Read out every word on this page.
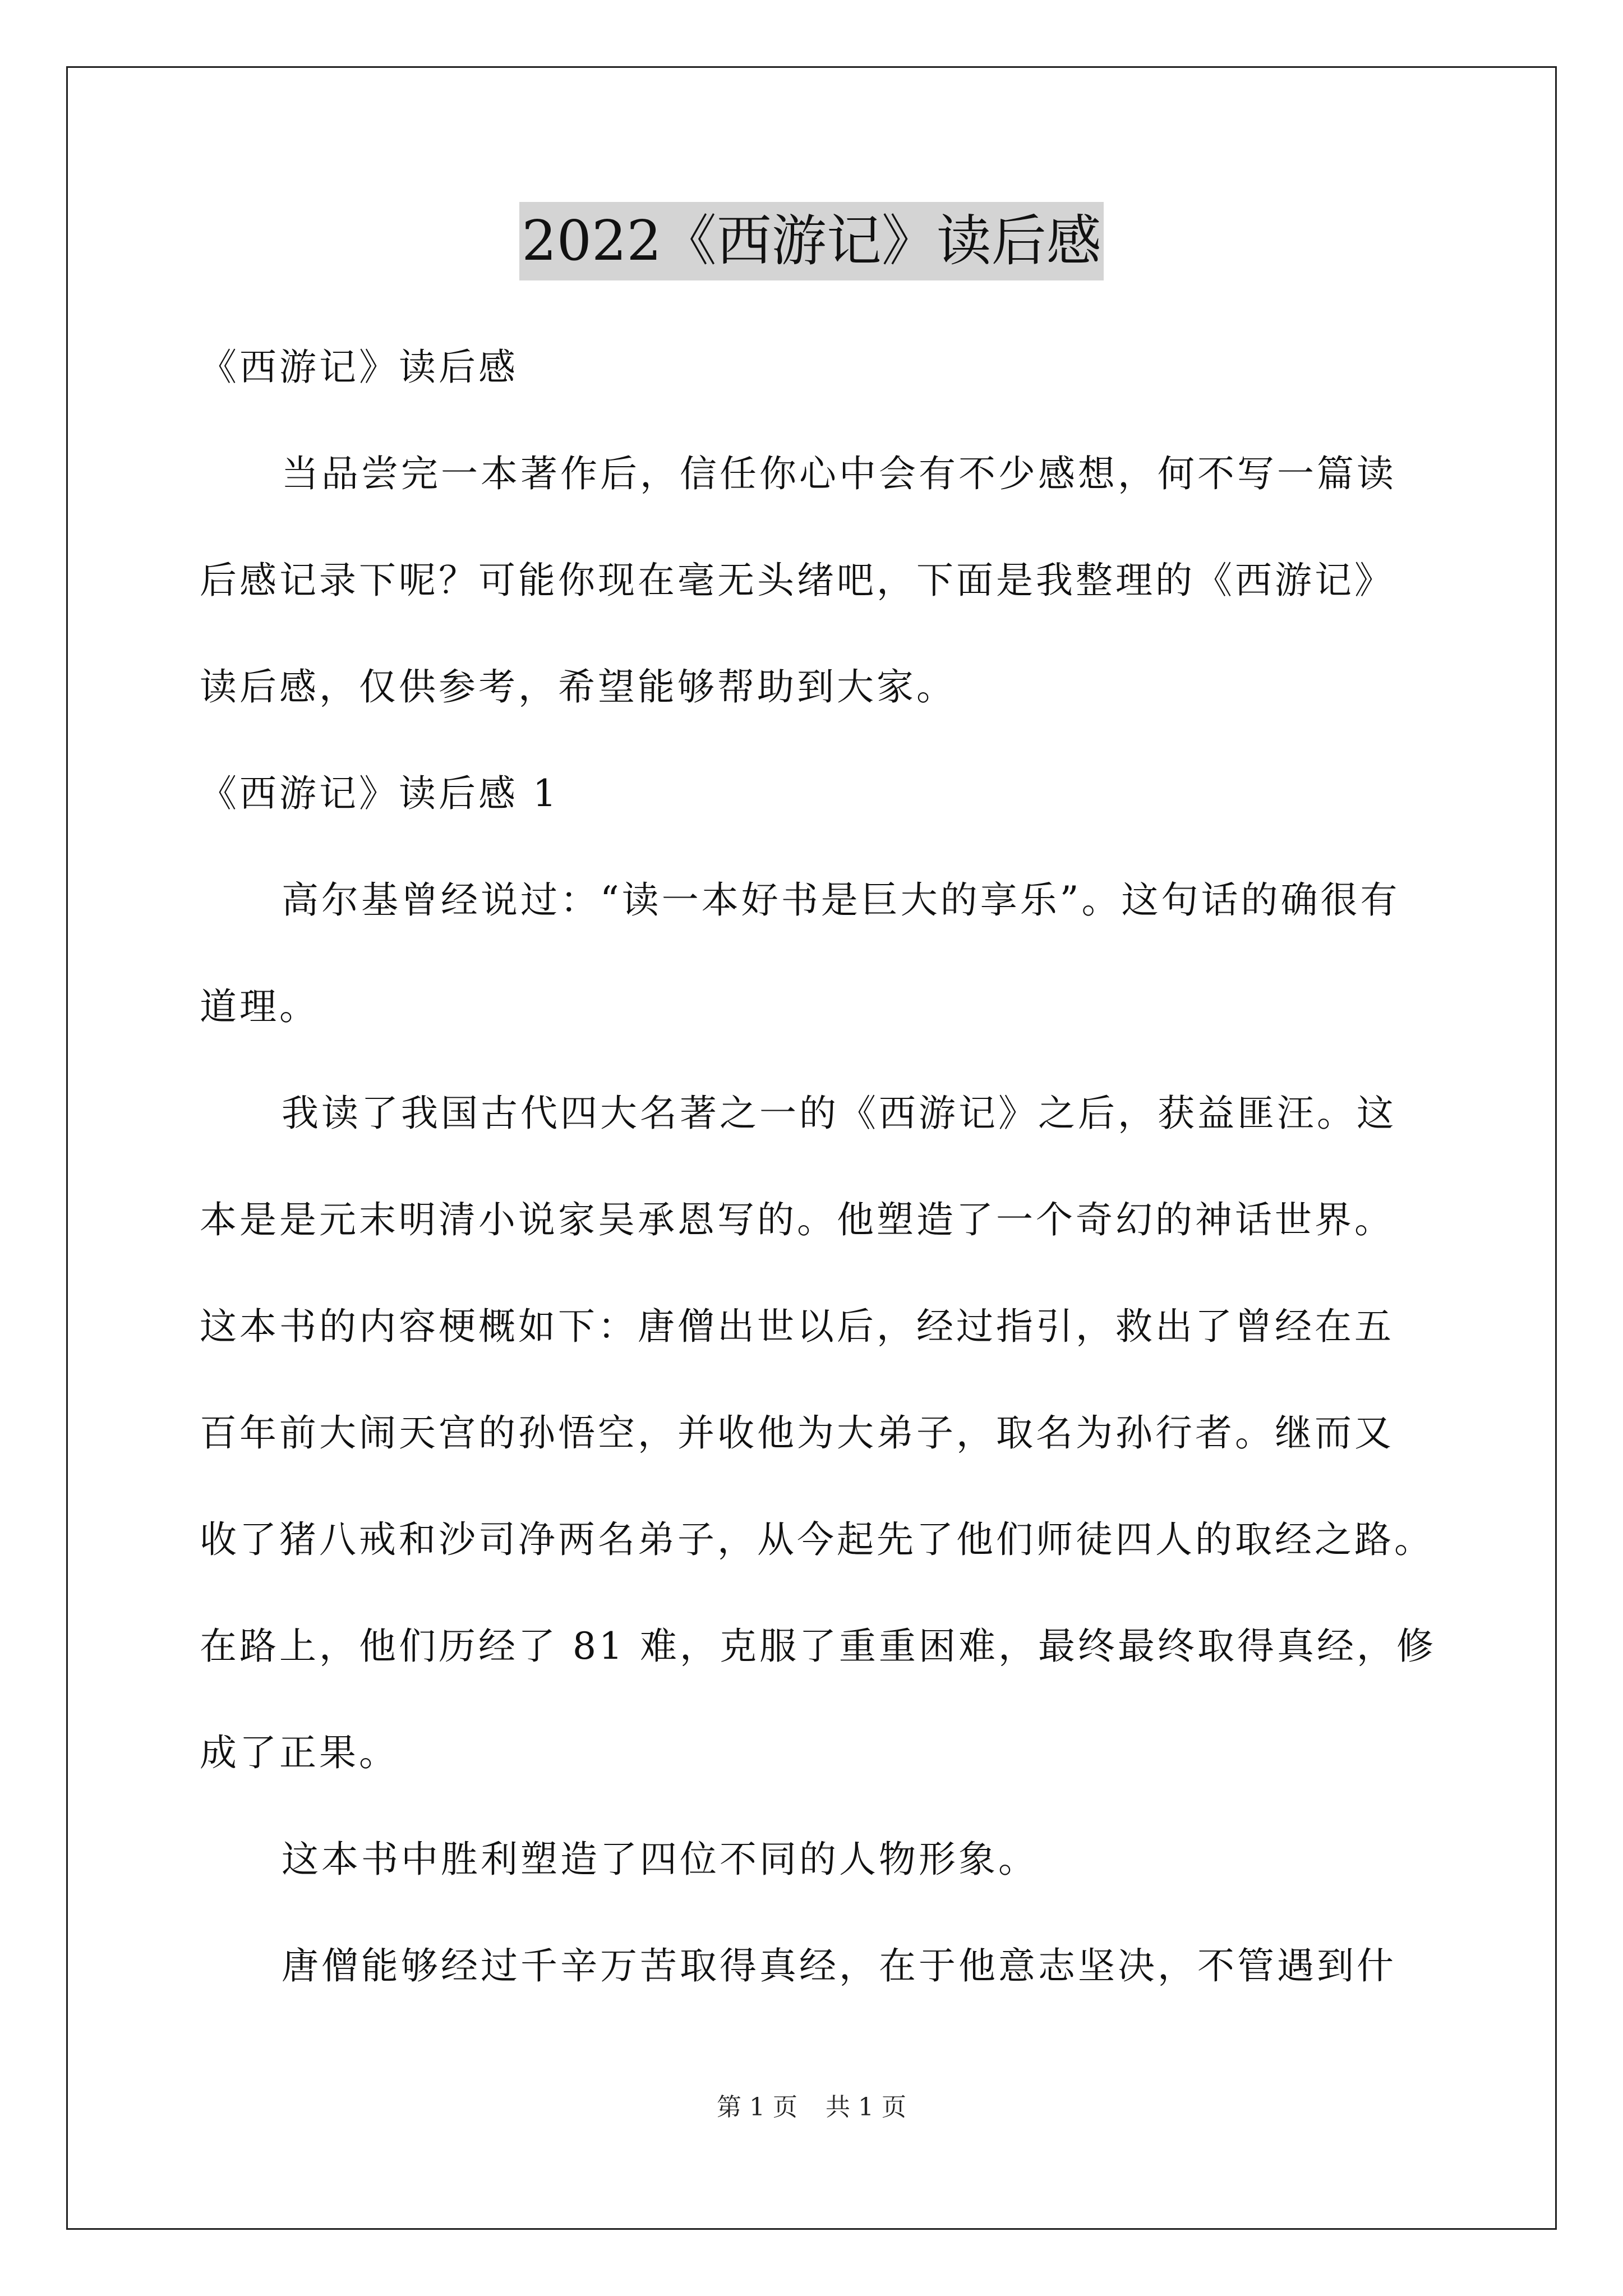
2022《西游记》读后感
《西游记》读后感
当品尝完一本著作后，信任你心中会有不少感想，何不写一篇读
后感记录下呢？可能你现在毫无头绪吧，下面是我整理的《西游记》
读后感，仅供参考，希望能够帮助到大家。
《西游记》读后感 1
高尔基曾经说过：“读一本好书是巨大的享乐”。这句话的确很有
道理。
我读了我国古代四大名著之一的《西游记》之后，获益匪汪。这
本是是元末明清小说家吴承恩写的。他塑造了一个奇幻的神话世界。
这本书的内容梗概如下：唐僧出世以后，经过指引，救出了曾经在五
百年前大闹天宫的孙悟空，并收他为大弟子，取名为孙行者。继而又
收了猪八戒和沙司净两名弟子，从今起先了他们师徒四人的取经之路。
在路上，他们历经了 81 难，克服了重重困难，最终最终取得真经，修
成了正果。
这本书中胜利塑造了四位不同的人物形象。
唐僧能够经过千辛万苦取得真经，在于他意志坚决，不管遇到什
第 1 页 共 1 页
